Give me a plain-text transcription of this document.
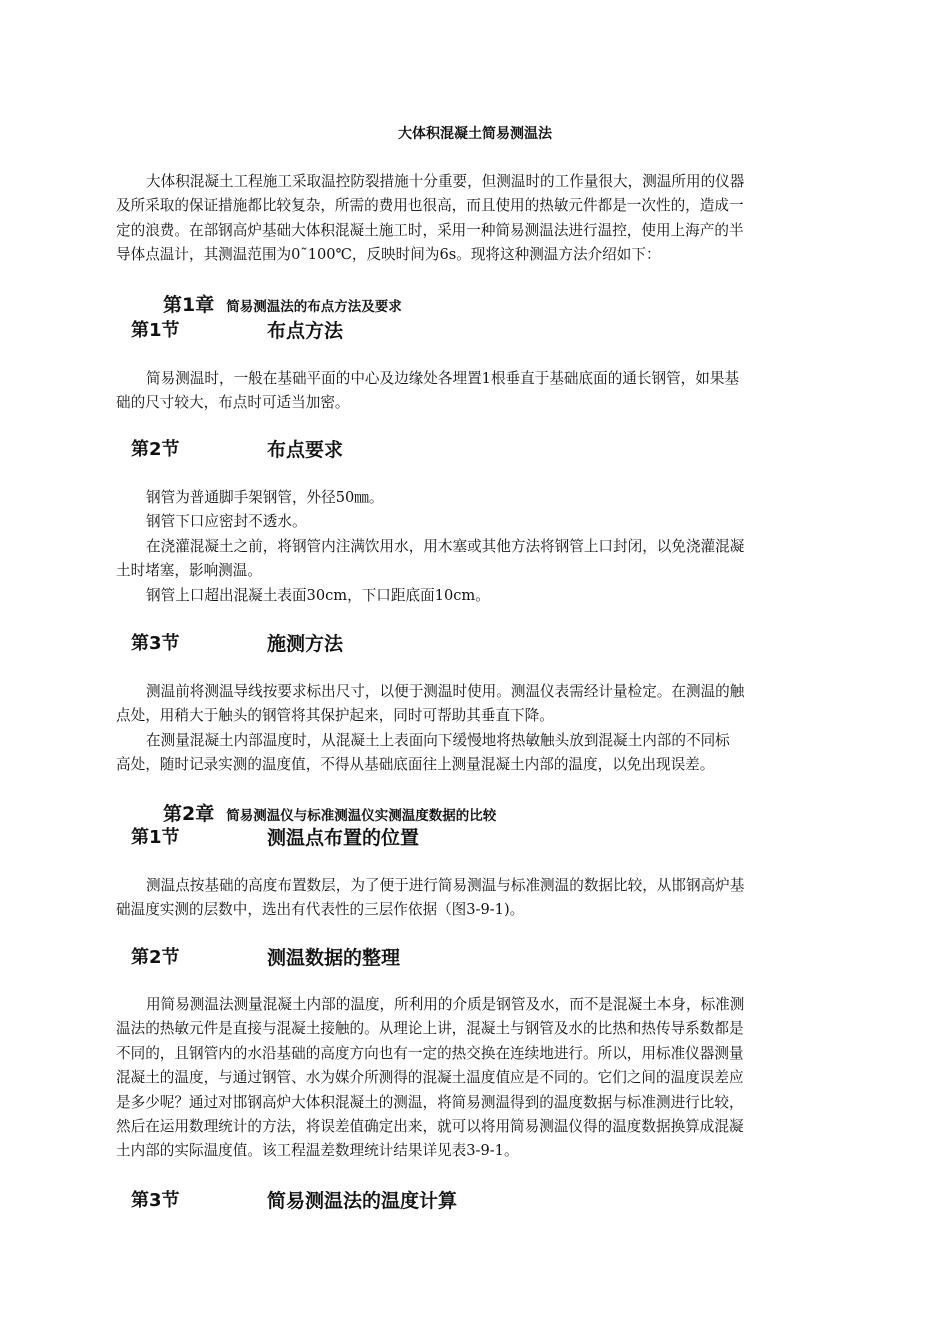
大体积混凝土简易测温法
大体积混凝土工程施工采取温控防裂措施十分重要，但测温时的工作量很大，测温所用的仪器
及所采取的保证措施都比较复杂，所需的费用也很高，而且使用的热敏元件都是一次性的，造成一
定的浪费。在部钢高炉基础大体积混凝土施工时，采用一种简易测温法进行温控，使用上海产的半
导体点温计，其测温范围为0˜100℃，反映时间为6s。现将这种测温方法介绍如下：
第1章 简易测温法的布点方法及要求
第1节	布点方法
简易测温时，一般在基础平面的中心及边缘处各埋置1根垂直于基础底面的通长钢管，如果基
础的尺寸较大，布点时可适当加密。
第2节	布点要求
钢管为普通脚手架钢管，外径50㎜。
钢管下口应密封不透水。
在浇灌混凝土之前，将钢管内注满饮用水，用木塞或其他方法将钢管上口封闭，以免浇灌混凝
土时堵塞，影响测温。
钢管上口超出混凝土表面30cm，下口距底面10cm。
第3节	施测方法
测温前将测温导线按要求标出尺寸，以便于测温时使用。测温仪表需经计量检定。在测温的触
点处，用稍大于触头的钢管将其保护起来，同时可帮助其垂直下降。
在测量混凝土内部温度时，从混凝土上表面向下缓慢地将热敏触头放到混凝土内部的不同标
高处，随时记录实测的温度值，不得从基础底面往上测量混凝土内部的温度，以免出现误差。
第2章 简易测温仪与标准测温仪实测温度数据的比较
第1节	测温点布置的位置
测温点按基础的高度布置数层，为了便于进行简易测温与标准测温的数据比较，从邯钢高炉基
础温度实测的层数中，选出有代表性的三层作依据（图3-9-1)。
第2节	测温数据的整理
用简易测温法测量混凝土内部的温度，所利用的介质是钢管及水，而不是混凝土本身，标准测
温法的热敏元件是直接与混凝土接触的。从理论上讲，混凝土与钢管及水的比热和热传导系数都是
不同的，且钢管内的水沿基础的高度方向也有一定的热交换在连续地进行。所以，用标准仪器测量
混凝土的温度，与通过钢管、水为媒介所测得的混凝土温度值应是不同的。它们之间的温度误差应
是多少呢？通过对邯钢高炉大体积混凝土的测温，将简易测温得到的温度数据与标准测进行比较，
然后在运用数理统计的方法，将误差值确定出来，就可以将用简易测温仪得的温度数据换算成混凝
土内部的实际温度值。该工程温差数理统计结果详见表3-9-1。
第3节	简易测温法的温度计算
